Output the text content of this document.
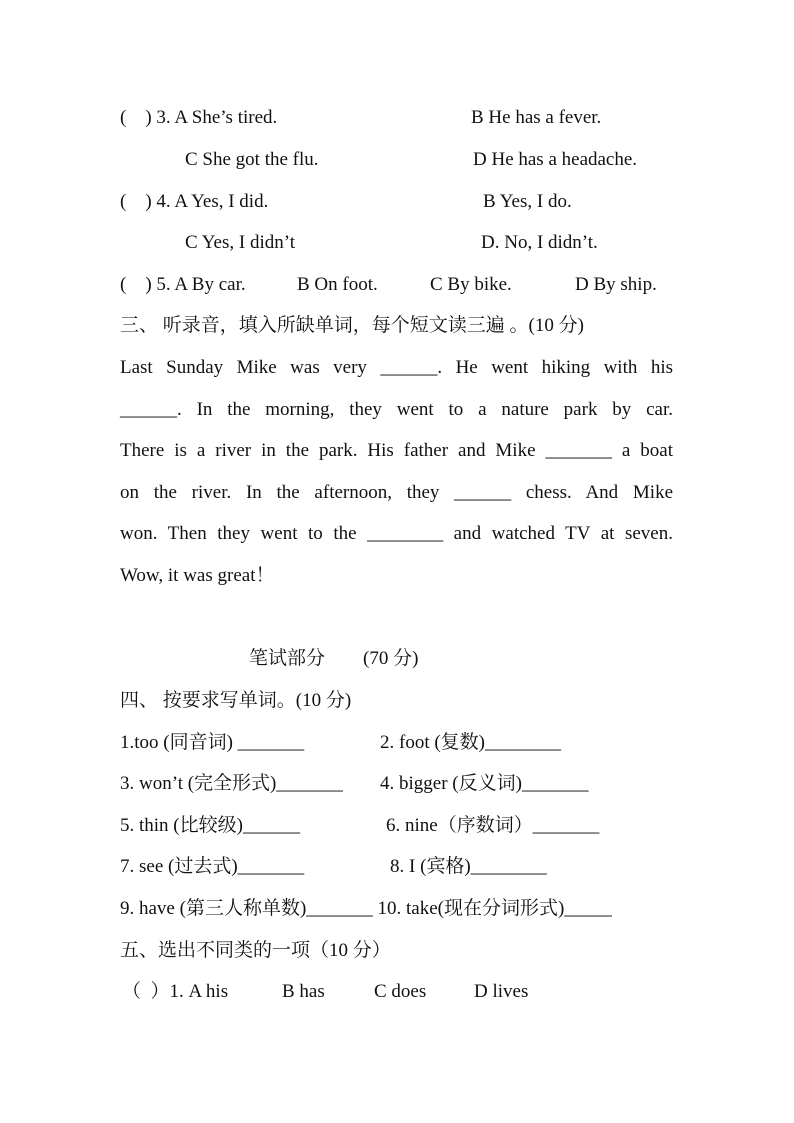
(    ) 3. A She’s tired.	B He has a fever.
C She got the flu.	D He has a headache.
(    ) 4. A Yes, I did.	B Yes, I do.
C Yes, I didn’t	D. No, I didn’t.
(    ) 5. A By car.	B On foot.	C By bike.	D By ship.
三、 听录音，填入所缺单词，每个短文读三遍 。(10 分)
Last Sunday Mike was very ______. He went hiking with his
______. In the morning, they went to a nature park by car.
There is a river in the park. His father and Mike _______ a boat
on the river. In the afternoon, they ______ chess. And Mike
won. Then they went to the ________ and watched TV at seven.
Wow, it was great！
笔试部分 (70 分)
四、 按要求写单词。(10 分)
1.too (同音词) _______	2. foot (复数)________
3. won’t (完全形式)_______ 4. bigger (反义词)_______
5. thin (比较级)______	6. nine（序数词）_______
7. see (过去式)_______	8. I (宾格)________
9. have (第三人称单数)_______ 10. take(现在分词形式)_____
五、选出不同类的一项（10 分）
（  ）1. A his	B has	C does	D lives
